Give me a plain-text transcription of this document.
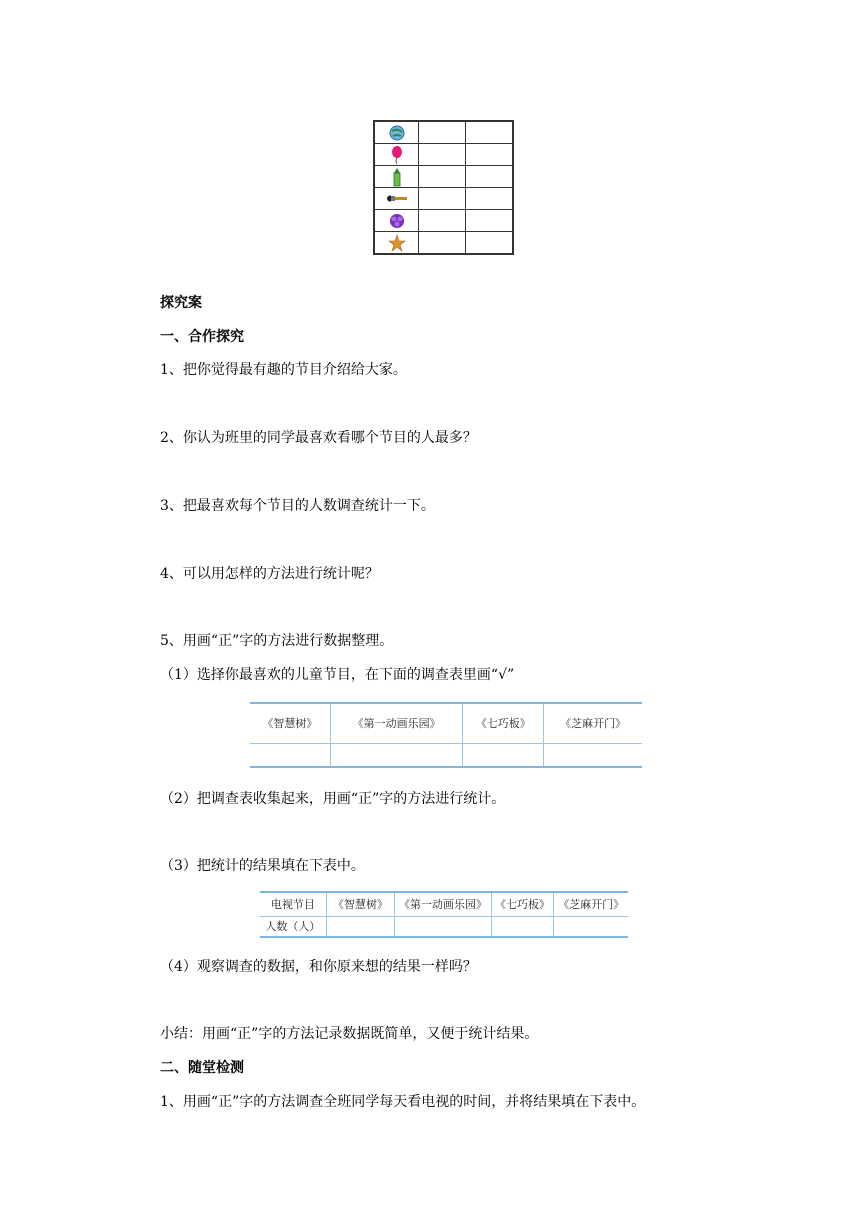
探究案
一、合作探究
1、把你觉得最有趣的节目介绍给大家。
2、你认为班里的同学最喜欢看哪个节目的人最多？
3、把最喜欢每个节目的人数调查统计一下。
4、可以用怎样的方法进行统计呢？
5、用画“正”字的方法进行数据整理。
（1）选择你最喜欢的儿童节目，在下面的调查表里画“√”
《智慧树》	《第一动画乐园》	《七巧板》	《芝麻开门》

（2）把调查表收集起来，用画“正”字的方法进行统计。
（3）把统计的结果填在下表中。
电视节目	《智慧树》	《第一动画乐园》	《七巧板》	《芝麻开门》
人数（人）				
（4）观察调查的数据，和你原来想的结果一样吗？
小结：用画“正”字的方法记录数据既简单，又便于统计结果。
二、随堂检测
1、用画“正”字的方法调查全班同学每天看电视的时间，并将结果填在下表中。
